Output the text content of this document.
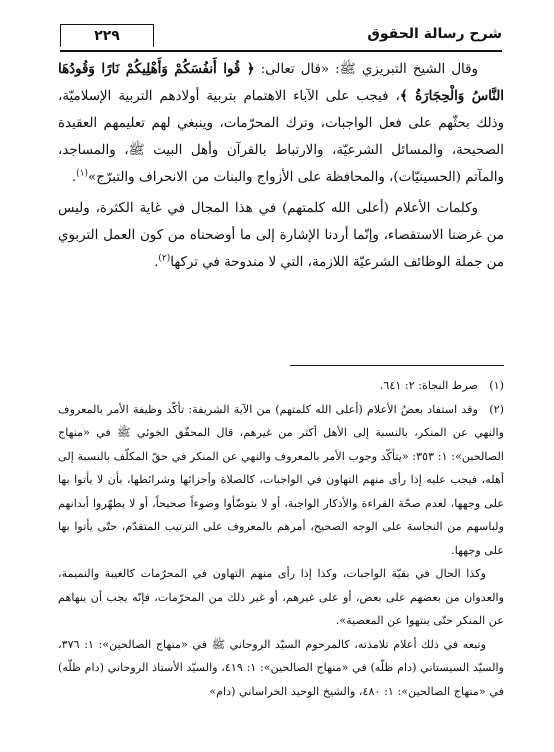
شرح رسالة الحقوق
٢٢٩

وقال الشيخ التبريزي ﷺ: «قال تعالى: ﴿ قُوا أَنفُسَكُمْ وَأَهْلِيكُمْ نَارًا وَقُودُهَا النَّاسُ وَالْحِجَارَةُ ﴾، فيجب على الآباء الاهتمام بتربية أولادهم التربية الإسلاميّة، وذلك بحثّهم على فعل الواجبات، وترك المحرّمات، وينبغي لهم تعليمهم العقيدة الصحيحة، والمسائل الشرعيّة، والارتباط بالقرآن وأهل البيت ﷺ، والمساجد، والمآتم (الحسينيّات)، والمحافظة على الأزواج والبنات من الانحراف والتبرّج»$^{(١)}$.

وكلمات الأعلام (أعلى الله كلمتهم) في هذا المجال في غاية الكثرة، وليس من غرضنا الاستقصاء، وإنّما أردنا الإشارة إلى ما أوضحناه من كون العمل التربوي من جملة الوظائف الشرعيّة اللازمة، التي لا مندوحة في تركها$^{(٢)}$.

(١)صرط النجاة: ٢: ٦٤١.

(٢)وقد استفاد بعضُ الأعلام (أعلى الله كلمتهم) من الآية الشريفة: تأكّد وظيفة الأمر بالمعروف والنهي عن المنكر، بالنسبة إلى الأهل أكثر من غيرهم، قال المحقّق الخوئي ﷺ في «منهاج الصالحين»: ١: ٣٥٣: «يتأكّد وجوب الأمر بالمعروف والنهي عن المنكر في حقّ المكلّف بالنسبة إلى أهله، فيجب عليه إذا رأى منهم التهاون في الواجبات، كالصلاة وأجزائها وشرائطها، بأن لا يأتوا بها على وجهها، لعدم صحّة القراءة والأذكار الواجبة، أو لا يتوضّأوا وضوءاً صحيحاً، أو لا يطهّروا أبدانهم ولباسهم من النجاسة على الوجه الصحيح، أمرهم بالمعروف على الترتيب المتقدّم، حتّى يأتوا بها على وجهها.

وكذا الحال في بقيّة الواجبات، وكذا إذا رأى منهم التهاون في المحرّمات كالغيبة والنميمة، والعدوان من بعضهم على بعض، أو على غيرهم، أو غير ذلك من المحرّمات، فإنّه يجب أن ينهاهم عن المنكر حتّى ينتهوا عن المعصية».

وتبعه في ذلك أعلام تلامذته، كالمرحوم السيّد الروحاني ﷺ في «منهاج الصالحين»: ١: ٣٧٦، والسيّد السيستاني (دام ظلّه) في «منهاج الصالحين»: ١: ٤١٩، والسيّد الأستاذ الروحاني (دام ظلّه) في «منهاج الصالحين»: ١: ٤٨٠، والشيخ الوحيد الخراساني (دام»
